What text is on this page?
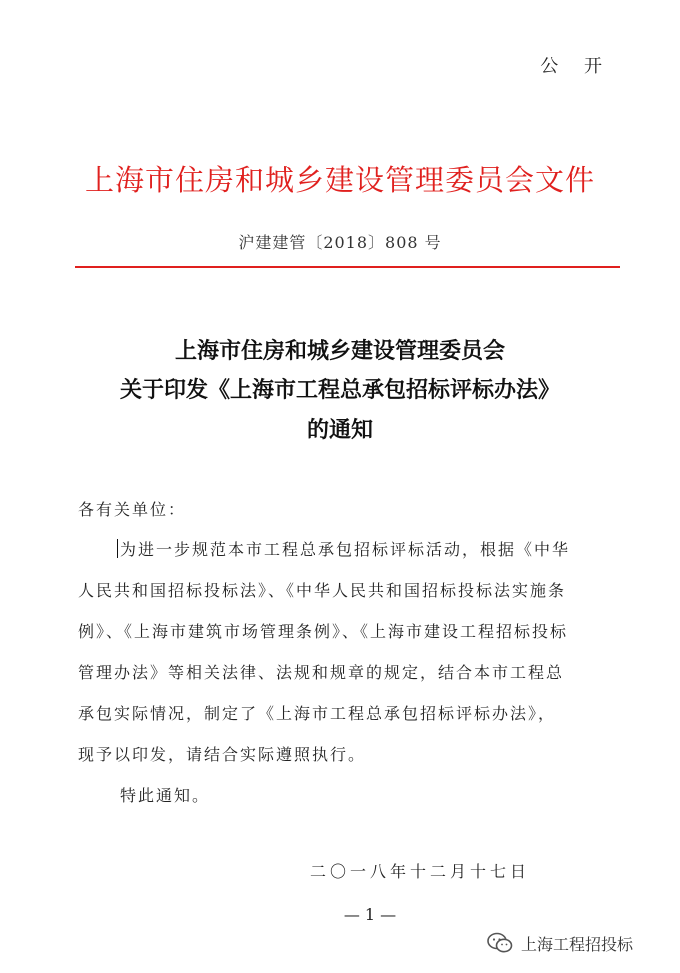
公 开
上海市住房和城乡建设管理委员会文件
沪建建管〔2018〕808 号
上海市住房和城乡建设管理委员会
关于印发《上海市工程总承包招标评标办法》
的通知
各有关单位：
为进一步规范本市工程总承包招标评标活动，根据《中华
人民共和国招标投标法》、《中华人民共和国招标投标法实施条
例》、《上海市建筑市场管理条例》、《上海市建设工程招标投标
管理办法》等相关法律、法规和规章的规定，结合本市工程总
承包实际情况，制定了《上海市工程总承包招标评标办法》，
现予以印发，请结合实际遵照执行。
特此通知。
二〇一八年十二月十七日
— 1 —
上海工程招投标
